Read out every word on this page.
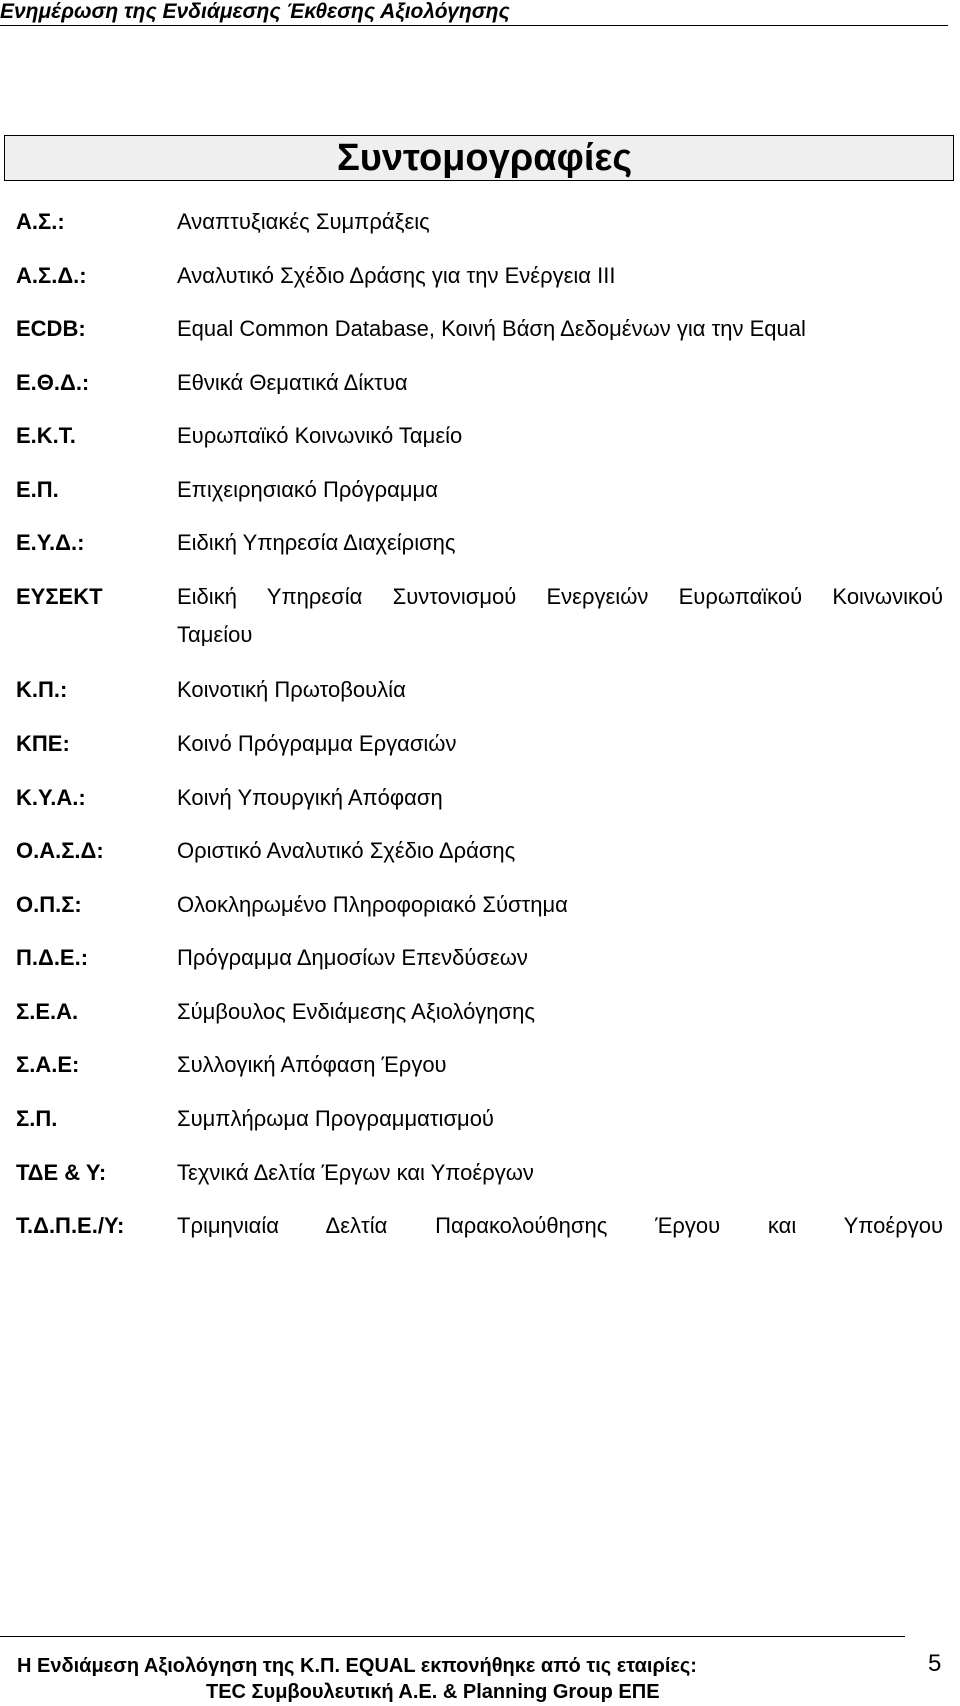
Ενημέρωση της Ενδιάμεσης Έκθεσης Αξιολόγησης
Συντομογραφίες
Α.Σ.:	Αναπτυξιακές Συμπράξεις
Α.Σ.Δ.:	Αναλυτικό Σχέδιο Δράσης για την Ενέργεια ΙΙΙ
ECDB:	Equal Common Database, Κοινή Βάση Δεδομένων για την Equal
Ε.Θ.Δ.:	Εθνικά Θεματικά Δίκτυα
Ε.Κ.Τ.	Ευρωπαϊκό Κοινωνικό Ταμείο
Ε.Π.	Επιχειρησιακό Πρόγραμμα
Ε.Υ.Δ.:	Ειδική Υπηρεσία Διαχείρισης
ΕΥΣΕΚΤ	Ειδική Υπηρεσία Συντονισμού Ενεργειών Ευρωπαϊκού Κοινωνικού
Ταμείου
Κ.Π.:	Κοινοτική Πρωτοβουλία
ΚΠΕ:	Κοινό Πρόγραμμα Εργασιών
Κ.Υ.Α.:	Κοινή Υπουργική Απόφαση
Ο.Α.Σ.Δ:	Οριστικό Αναλυτικό Σχέδιο Δράσης
Ο.Π.Σ:	Ολοκληρωμένο Πληροφοριακό Σύστημα
Π.Δ.Ε.:	Πρόγραμμα Δημοσίων Επενδύσεων
Σ.Ε.Α.	Σύμβουλος Ενδιάμεσης Αξιολόγησης
Σ.Α.Ε:	Συλλογική Απόφαση Έργου
Σ.Π.	Συμπλήρωμα Προγραμματισμού
ΤΔΕ & Υ:	Τεχνικά Δελτία Έργων και Υποέργων
Τ.Δ.Π.Ε./Υ: Τριμηνιαία Δελτία Παρακολούθησης Έργου και Υποέργου
Η Ενδιάμεση Αξιολόγηση της Κ.Π. EQUAL εκπονήθηκε από τις εταιρίες:
TEC Συμβουλευτική Α.Ε. & Planning Group ΕΠΕ
5
